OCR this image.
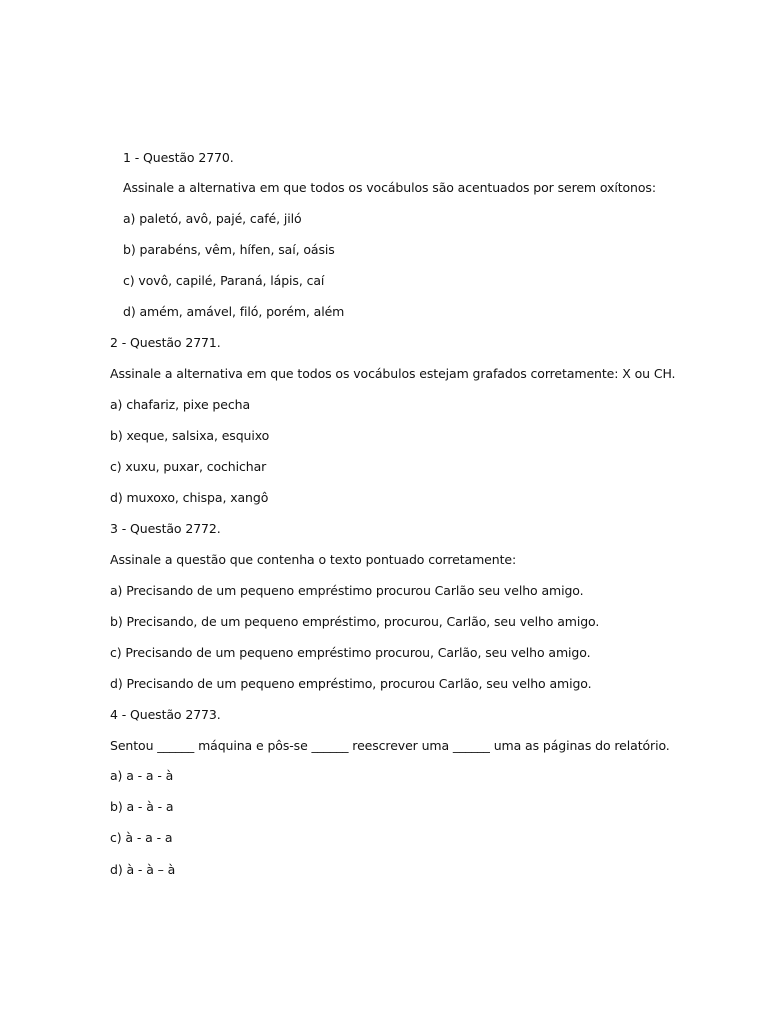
1 - Questão 2770.
Assinale a alternativa em que todos os vocábulos são acentuados por serem oxítonos:
a) paletó, avô, pajé, café, jiló
b) parabéns, vêm, hífen, saí, oásis
c) vovô, capilé, Paraná, lápis, caí
d) amém, amável, filó, porém, além
2 - Questão 2771.
Assinale a alternativa em que todos os vocábulos estejam grafados corretamente: X ou CH.
a) chafariz, pixe pecha
b) xeque, salsixa, esquixo
c) xuxu, puxar, cochichar
d) muxoxo, chispa, xangô
3 - Questão 2772.
Assinale a questão que contenha o texto pontuado corretamente:
a) Precisando de um pequeno empréstimo procurou Carlão seu velho amigo.
b) Precisando, de um pequeno empréstimo, procurou, Carlão, seu velho amigo.
c) Precisando de um pequeno empréstimo procurou, Carlão, seu velho amigo.
d) Precisando de um pequeno empréstimo, procurou Carlão, seu velho amigo.
4 - Questão 2773.
Sentou ______ máquina e pôs-se ______ reescrever uma ______ uma as páginas do relatório.
a) a - a - à
b) a - à - a
c) à - a - a
d) à - à – à
